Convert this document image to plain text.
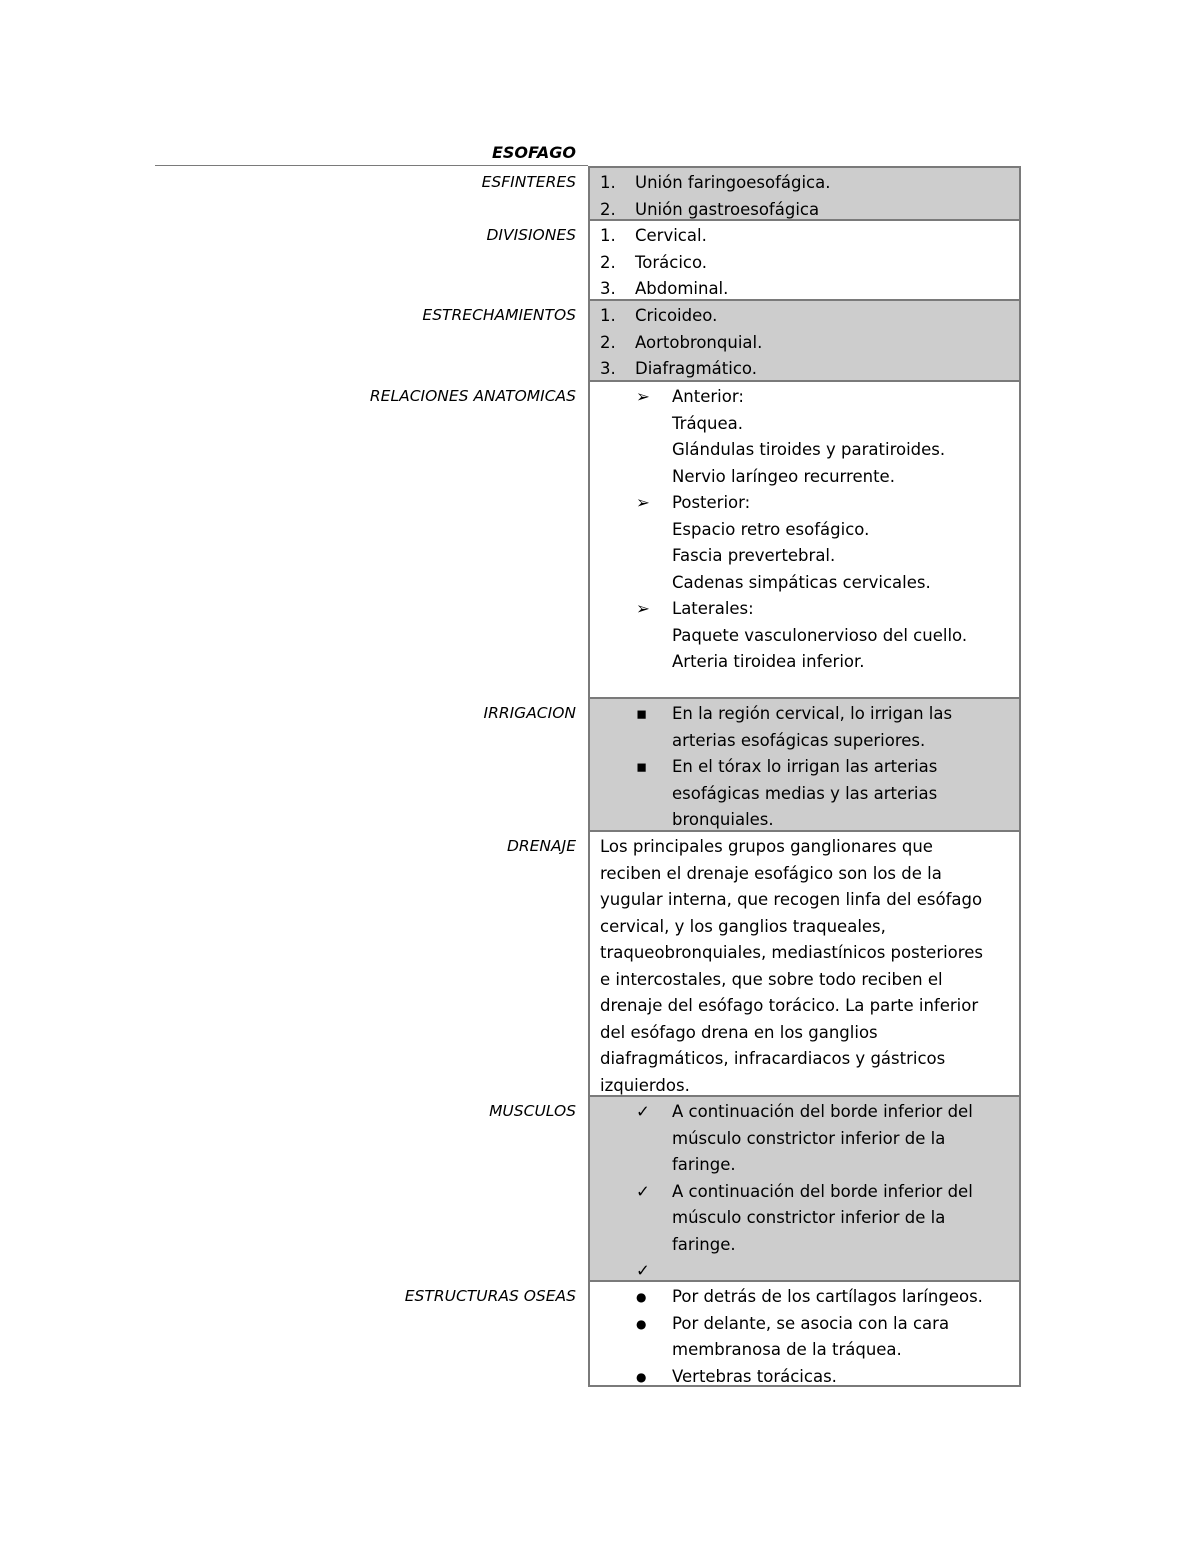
ESOFAGO
ESFINTERES 1.	Unión faringoesofágica.
2.	Unión gastroesofágica
DIVISIONES 1.	Cervical.
2.	Torácico.
3.	Abdominal.
ESTRECHAMIENTOS 1.	Cricoideo.
2.	Aortobronquial.
3.	Diafragmático.
RELACIONES ANATOMICAS	➢	Anterior:
Tráquea.
Glándulas tiroides y paratiroides.
Nervio laríngeo recurrente.
➢	Posterior:
Espacio retro esofágico.
Fascia prevertebral.
Cadenas simpáticas cervicales.
➢	Laterales:
Paquete vasculonervioso del cuello.
Arteria tiroidea inferior.
IRRIGACION	▪	En la región cervical, lo irrigan las
arterias esofágicas superiores.
▪	En el tórax lo irrigan las arterias
esofágicas medias y las arterias
bronquiales.
DRENAJE Los principales grupos ganglionares que
reciben el drenaje esofágico son los de la
yugular interna, que recogen linfa del esófago
cervical, y los ganglios traqueales,
traqueobronquiales, mediastínicos posteriores
e intercostales, que sobre todo reciben el
drenaje del esófago torácico. La parte inferior
del esófago drena en los ganglios
diafragmáticos, infracardiacos y gástricos
izquierdos.
MUSCULOS	✓	A continuación del borde inferior del
músculo constrictor inferior de la
faringe.
✓	A continuación del borde inferior del
músculo constrictor inferior de la
faringe.
✓
ESTRUCTURAS OSEAS	●	Por detrás de los cartílagos laríngeos.
●	Por delante, se asocia con la cara
membranosa de la tráquea.
●	Vertebras torácicas.
